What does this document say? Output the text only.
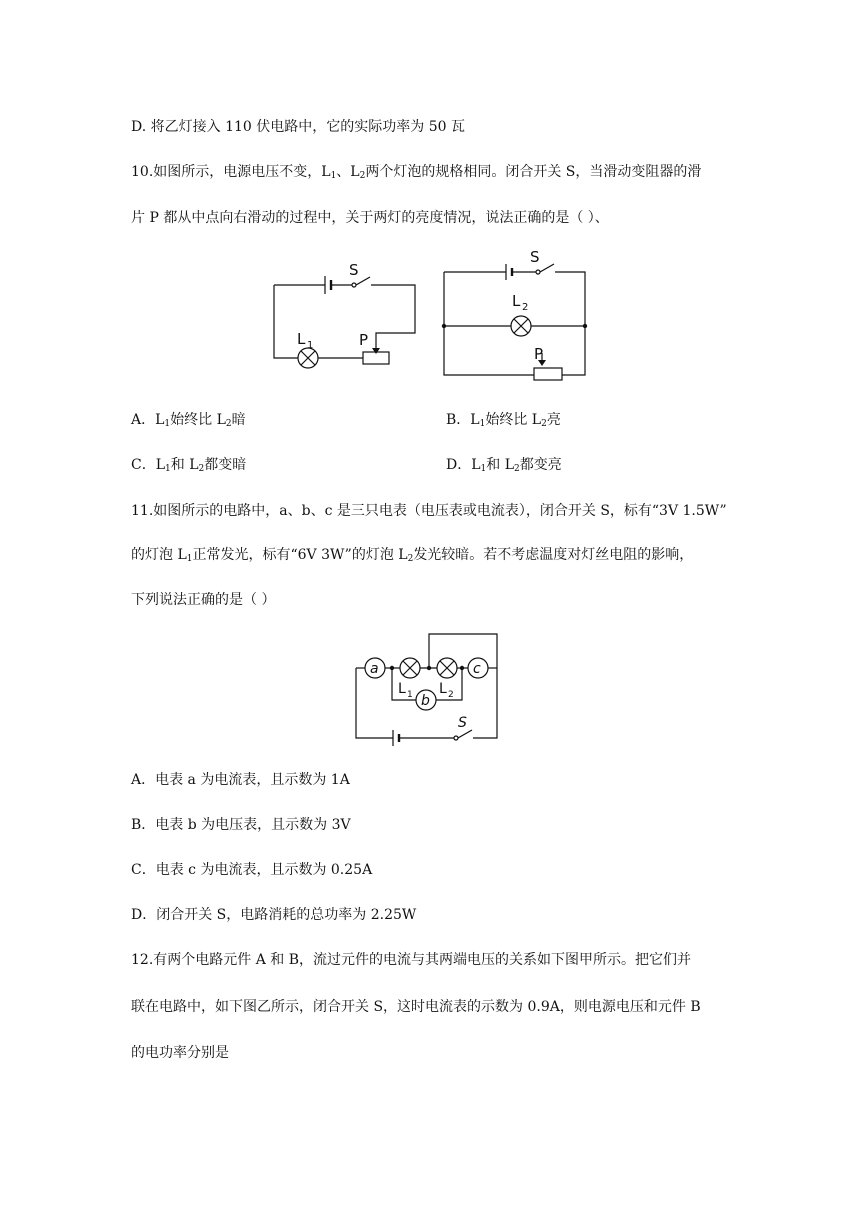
D. 将乙灯接入 110 伏电路中，它的实际功率为 50 瓦
10.如图所示，电源电压不变，$L_1$、$L_2$两个灯泡的规格相同。闭合开关 S，当滑动变阻器的滑
片 P 都从中点向右滑动的过程中，关于两灯的亮度情况，说法正确的是（ ）、
S
L 1	P
S
L 2
P
A．$L_1$始终比 $L_2$暗	B．$L_1$始终比 $L_2$亮
C．$L_1$和 $L_2$都变暗	D．$L_1$和 $L_2$都变亮
11.如图所示的电路中，a、b、c 是三只电表（电压表或电流表），闭合开关 S，标有“3V 1.5W”
的灯泡 $L_1$正常发光，标有“6V 3W”的灯泡 $L_2$发光较暗。若不考虑温度对灯丝电阻的影响，
下列说法正确的是（ ）
a
b
c
L 1 L 2
S
A．电表 a 为电流表，且示数为 1A
B．电表 b 为电压表，且示数为 3V
C．电表 c 为电流表，且示数为 0.25A
D．闭合开关 S，电路消耗的总功率为 2.25W
12.有两个电路元件 A 和 B，流过元件的电流与其两端电压的关系如下图甲所示。把它们并
联在电路中，如下图乙所示，闭合开关 S，这时电流表的示数为 0.9A，则电源电压和元件 B
的电功率分别是
